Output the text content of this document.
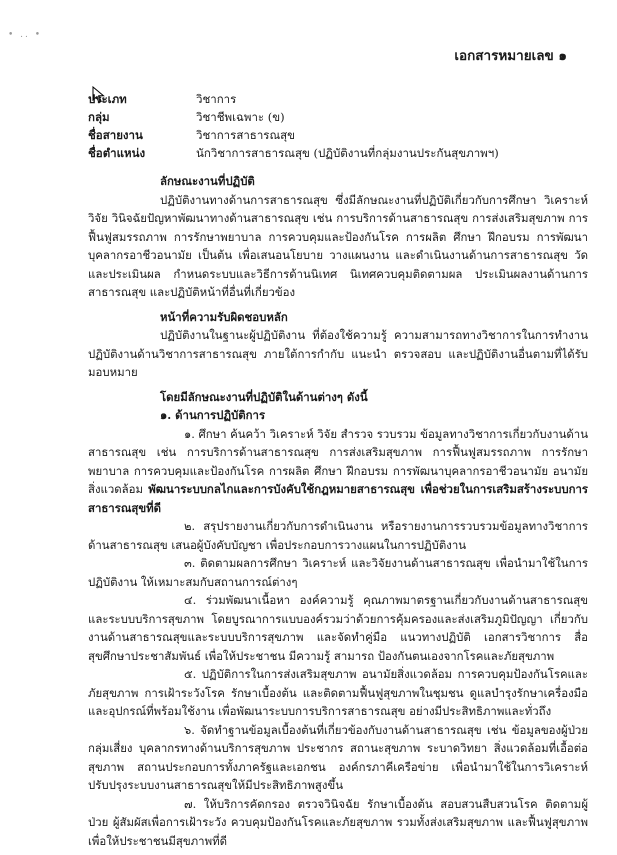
• .. •
เอกสารหมายเลข ๑
ประเภท	วิชาการ
กลุ่ม	วิชาชีพเฉพาะ (ข)
ชื่อสายงาน	วิชาการสาธารณสุข
ชื่อตำแหน่ง	นักวิชาการสาธารณสุข (ปฏิบัติงานที่กลุ่มงานประกันสุขภาพฯ)
ลักษณะงานที่ปฏิบัติ
ปฏิบัติงานทางด้านการสาธารณสุข ซึ่งมีลักษณะงานที่ปฏิบัติเกี่ยวกับการศึกษา วิเคราะห์ วิจัย วินิจฉัยปัญหาพัฒนาทางด้านสาธารณสุข เช่น การบริการด้านสาธารณสุข การส่งเสริมสุขภาพ การฟื้นฟูสมรรถภาพ การรักษาพยาบาล การควบคุมและป้องกันโรค การผลิต ศึกษา ฝึกอบรม การพัฒนาบุคลากรอาชีวอนามัย เป็นต้น เพื่อเสนอนโยบาย วางแผนงาน และดำเนินงานด้านการสาธารณสุข วัดและประเมินผล กำหนดระบบและวิธีการด้านนิเทศ นิเทศควบคุมติดตามผล ประเมินผลงานด้านการสาธารณสุข และปฏิบัติหน้าที่อื่นที่เกี่ยวข้อง
หน้าที่ความรับผิดชอบหลัก
ปฏิบัติงานในฐานะผู้ปฏิบัติงาน ที่ต้องใช้ความรู้ ความสามารถทางวิชาการในการทำงานปฏิบัติงานด้านวิชาการสาธารณสุข ภายใต้การกำกับ แนะนำ ตรวจสอบ และปฏิบัติงานอื่นตามที่ได้รับมอบหมาย
โดยมีลักษณะงานที่ปฏิบัติในด้านต่างๆ ดังนี้
๑. ด้านการปฏิบัติการ
๑. ศึกษา ค้นคว้า วิเคราะห์ วิจัย สำรวจ รวบรวม ข้อมูลทางวิชาการเกี่ยวกับงานด้านสาธารณสุข เช่น การบริการด้านสาธารณสุข การส่งเสริมสุขภาพ การฟื้นฟูสมรรถภาพ การรักษาพยาบาล การควบคุมและป้องกันโรค การผลิต ศึกษา ฝึกอบรม การพัฒนาบุคลากรอาชีวอนามัย อนามัยสิ่งแวดล้อม พัฒนาระบบกลไกและการบังคับใช้กฎหมายสาธารณสุข เพื่อช่วยในการเสริมสร้างระบบการสาธารณสุขที่ดี
๒. สรุปรายงานเกี่ยวกับการดำเนินงาน หรือรายงานการรวบรวมข้อมูลทางวิชาการด้านสาธารณสุข เสนอผู้บังคับบัญชา เพื่อประกอบการวางแผนในการปฏิบัติงาน
๓. ติดตามผลการศึกษา วิเคราะห์ และวิจัยงานด้านสาธารณสุข เพื่อนำมาใช้ในการปฏิบัติงาน ให้เหมาะสมกับสถานการณ์ต่างๆ
๔. ร่วมพัฒนาเนื้อหา องค์ความรู้ คุณภาพมาตรฐานเกี่ยวกับงานด้านสาธารณสุข และระบบบริการสุขภาพ โดยบูรณาการแบบองค์รวมว่าด้วยการคุ้มครองและส่งเสริมภูมิปัญญา เกี่ยวกับงานด้านสาธารณสุขและระบบบริการสุขภาพ และจัดทำคู่มือ แนวทางปฏิบัติ เอกสารวิชาการ สื่อสุขศึกษาประชาสัมพันธ์ เพื่อให้ประชาชน มีความรู้ สามารถ ป้องกันตนเองจากโรคและภัยสุขภาพ
๕. ปฏิบัติการในการส่งเสริมสุขภาพ อนามัยสิ่งแวดล้อม การควบคุมป้องกันโรคและภัยสุขภาพ การเฝ้าระวังโรค รักษาเบื้องต้น และติดตามฟื้นฟูสุขภาพในชุมชน ดูแลบำรุงรักษาเครื่องมือและอุปกรณ์ที่พร้อมใช้งาน เพื่อพัฒนาระบบการบริการสาธารณสุข อย่างมีประสิทธิภาพและทั่วถึง
๖. จัดทำฐานข้อมูลเบื้องต้นที่เกี่ยวข้องกับงานด้านสาธารณสุข เช่น ข้อมูลของผู้ป่วยกลุ่มเสี่ยง บุคลากรทางด้านบริการสุขภาพ ประชากร สถานะสุขภาพ ระบาดวิทยา สิ่งแวดล้อมที่เอื้อต่อสุขภาพ สถานประกอบการทั้งภาครัฐและเอกชน องค์กรภาคีเครือข่าย เพื่อนำมาใช้ในการวิเคราะห์ปรับปรุงระบบงานสาธารณสุขให้มีประสิทธิภาพสูงขึ้น
๗. ให้บริการคัดกรอง ตรวจวินิจฉัย รักษาเบื้องต้น สอบสวนสืบสวนโรค ติดตามผู้ป่วย ผู้สัมผัสเพื่อการเฝ้าระวัง ควบคุมป้องกันโรคและภัยสุขภาพ รวมทั้งส่งเสริมสุขภาพ และฟื้นฟูสุขภาพ เพื่อให้ประชาชนมีสุขภาพที่ดี
